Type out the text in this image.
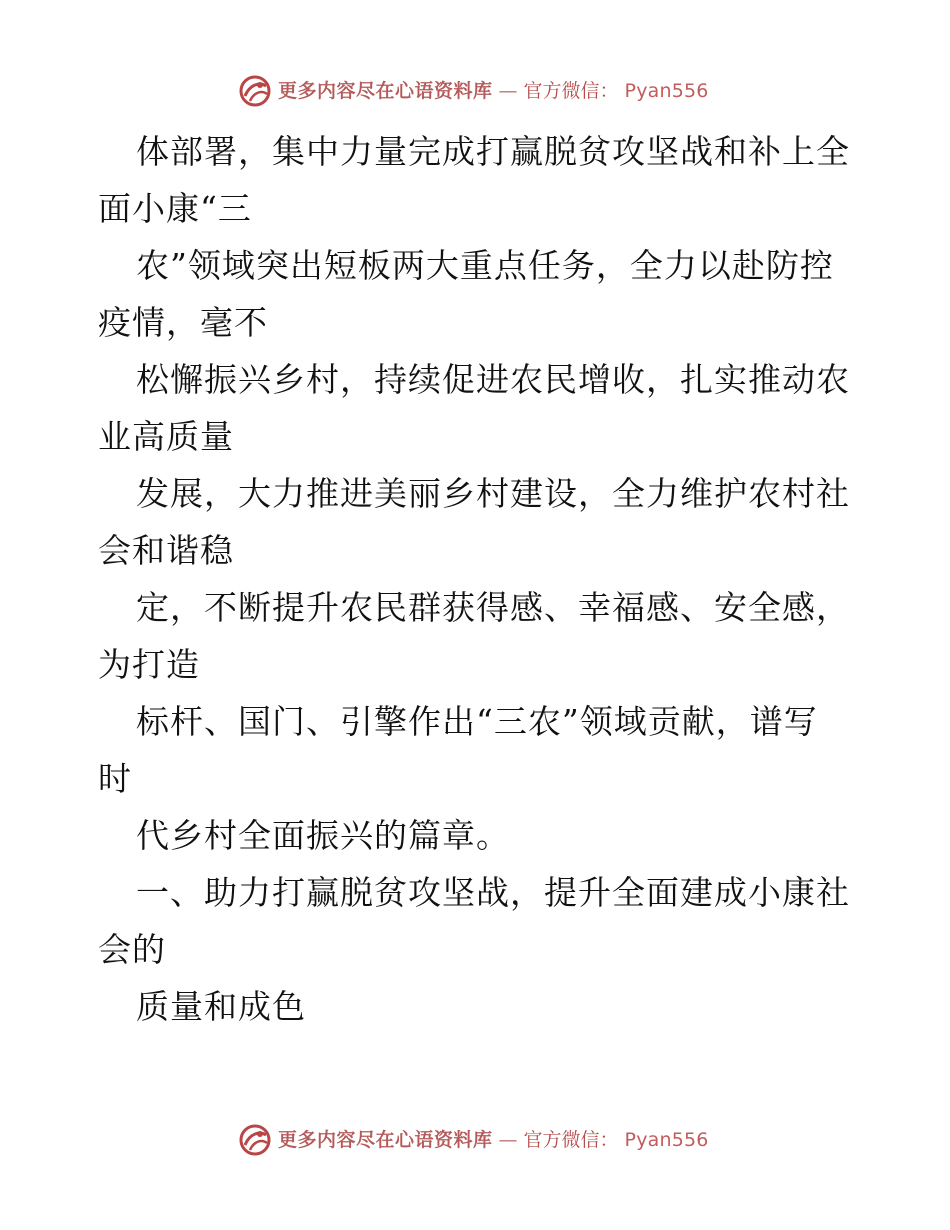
更多内容尽在心语资料库 — 官方微信： Pyan556
体部署，集中力量完成打赢脱贫攻坚战和补上全
面小康“三
农”领域突出短板两大重点任务，全力以赴防控
疫情，毫不
松懈振兴乡村，持续促进农民增收，扎实推动农
业高质量
发展，大力推进美丽乡村建设，全力维护农村社
会和谐稳
定，不断提升农民群获得感、幸福感、安全感，
为打造
标杆、国门、引擎作出“三农”领域贡献，谱写
时
代乡村全面振兴的篇章。
一、助力打赢脱贫攻坚战，提升全面建成小康社
会的
质量和成色
更多内容尽在心语资料库 — 官方微信： Pyan556
